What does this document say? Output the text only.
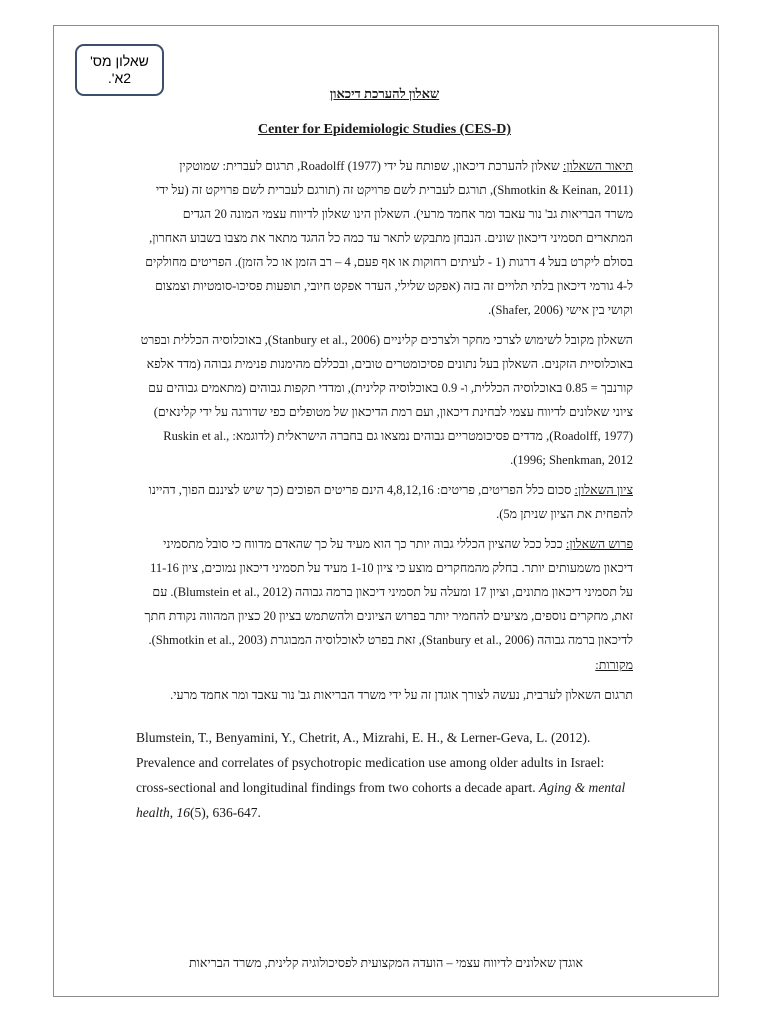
שאלון מס'
2א'.
שאלון להערכת דיכאון
Center for Epidemiologic Studies (CES-D)

תיאור השאלון: שאלון להערכת דיכאון, שפותח על ידי Roadolff (1977), תרגום לעברית: שמוטקין (Shmotkin & Keinan, 2011), תורגם לעברית לשם פרויקט זה (תורגם לעברית לשם פרויקט זה (על ידי משרד הבריאות גב' נור עאבד ומר אחמד מרעי). השאלון הינו שאלון לדיווח עצמי המונה 20 הגדים המתארים תסמיני דיכאון שונים. הנבחן מתבקש לתאר עד כמה כל ההגד מתאר את מצבו בשבוע האחרון, בסולם ליקרט בעל 4 דרגות (1 - לעיתים רחוקות או אף פעם, 4 – רב הזמן או כל הזמן). הפריטים מחולקים ל-4 גורמי דיכאון בלתי תלויים זה בזה (אפקט שלילי, העדר אפקט חיובי, תופעות פסיכו-סומטיות וצמצום וקושי בין אישי (Shafer, 2006).

השאלון מקובל לשימוש לצרכי מחקר ולצרכים קליניים (Stanbury et al., 2006), באוכלוסיה הכללית ובפרט באוכלוסיית הזקנים. השאלון בעל נתונים פסיכומטרים טובים, ובכללם מהימנות פנימית גבוהה (מדד אלפא קורנבך = 0.85 באוכלוסיה הכללית, ו- 0.9 באוכלוסיה קלינית), ומדדי תקפות גבוהים (מתאמים גבוהים עם ציוני שאלונים לדיווח עצמי לבחינת דיכאון, ועם רמת הדיכאון של מטופלים כפי שדורגה על ידי קלינאים) (Roadolff, 1977), מדדים פסיכומטריים גבוהים נמצאו גם בחברה הישראלית (לדוגמא: Ruskin et al., 1996; Shenkman, 2012).

ציון השאלון: סכום כלל הפריטים, פריטים: 4,8,12,16 הינם פריטים הפוכים (כך שיש לציננם הפוך, דהיינו להפחית את הציון שניתן מ5).

פרוש השאלון: ככל ככל שהציון הכללי גבוה יותר כך הוא מעיד על כך שהאדם מדווח כי סובל מתסמיני דיכאון משמעותים יותר. בחלק מהמחקרים מוצע כי ציון 1-10 מעיד על תסמיני דיכאון נמוכים, ציון 11-16 על תסמיני דיכאון מתונים, וציון 17 ומעלה על תסמיני דיכאון ברמה גבוהה (Blumstein et al., 2012). עם זאת, מחקרים נוספים, מציעים להחמיר יותר בפרוש הציונים ולהשתמש בציון 20 כציון המהווה נקודת חתך לדיכאון ברמה גבוהה (Stanbury et al., 2006), זאת בפרט לאוכלוסיה המבוגרת (Shmotkin et al., 2003).

מקורות:

תרגום השאלון לערבית, נעשה לצורך אוגדן זה על ידי משרד הבריאות גב' נור עאבד ומר אחמד מרעי.

Blumstein, T., Benyamini, Y., Chetrit, A., Mizrahi, E. H., & Lerner-Geva, L. (2012). Prevalence and correlates of psychotropic medication use among older adults in Israel: cross-sectional and longitudinal findings from two cohorts a decade apart. Aging & mental health, 16(5), 636-647.

אוגדן שאלונים לדיווח עצמי – הועדה המקצועית לפסיכולוגיה קלינית, משרד הבריאות
